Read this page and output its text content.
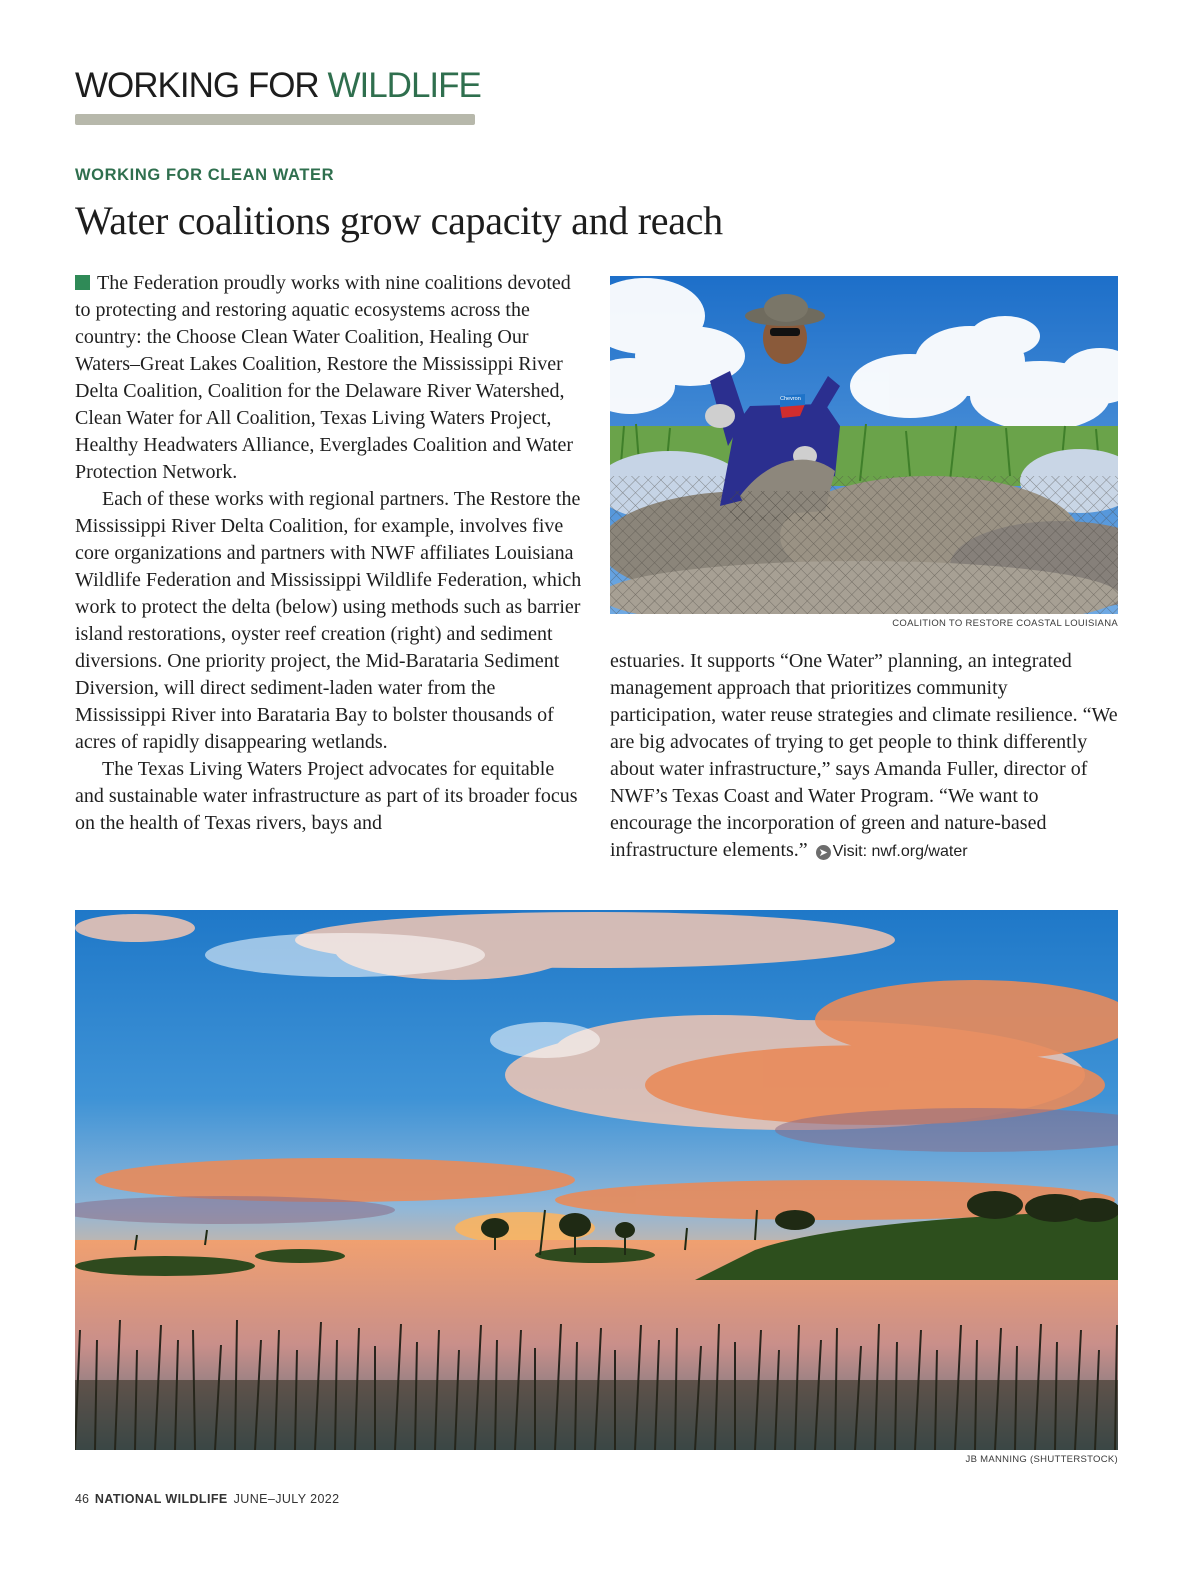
WORKING FOR WILDLIFE
WORKING FOR CLEAN WATER
Water coalitions grow capacity and reach

The Federation proudly works with nine coalitions devoted to protecting and restoring aquatic ecosystems across the country: the Choose Clean Water Coalition, Healing Our Waters–Great Lakes Coalition, Restore the Mississippi River Delta Coalition, Coalition for the Delaware River Watershed, Clean Water for All Coalition, Texas Living Waters Project, Healthy Headwaters Alliance, Everglades Coalition and Water Protection Network.

Each of these works with regional partners. The Restore the Mississippi River Delta Coalition, for example, involves five core organizations and partners with NWF affiliates Louisiana Wildlife Federation and Mississippi Wildlife Federation, which work to protect the delta (below) using methods such as barrier island restorations, oyster reef creation (right) and sediment diversions. One priority project, the Mid-Barataria Sediment Diversion, will direct sediment-laden water from the Mississippi River into Barataria Bay to bolster thousands of acres of rapidly disappearing wetlands.

The Texas Living Waters Project advocates for equitable and sustainable water infrastructure as part of its broader focus on the health of Texas rivers, bays and

Chevron

COALITION TO RESTORE COASTAL LOUISIANA

estuaries. It supports “One Water” planning, an integrated management approach that prioritizes community participation, water reuse strategies and climate resilience. “We are big advocates of trying to get people to think differently about water infrastructure,” says Amanda Fuller, director of NWF’s Texas Coast and Water Program. “We want to encourage the incorporation of green and nature-based infrastructure elements.” ➤ Visit: nwf.org/water

JB MANNING (SHUTTERSTOCK)

46 NATIONAL WILDLIFE JUNE–JULY 2022
